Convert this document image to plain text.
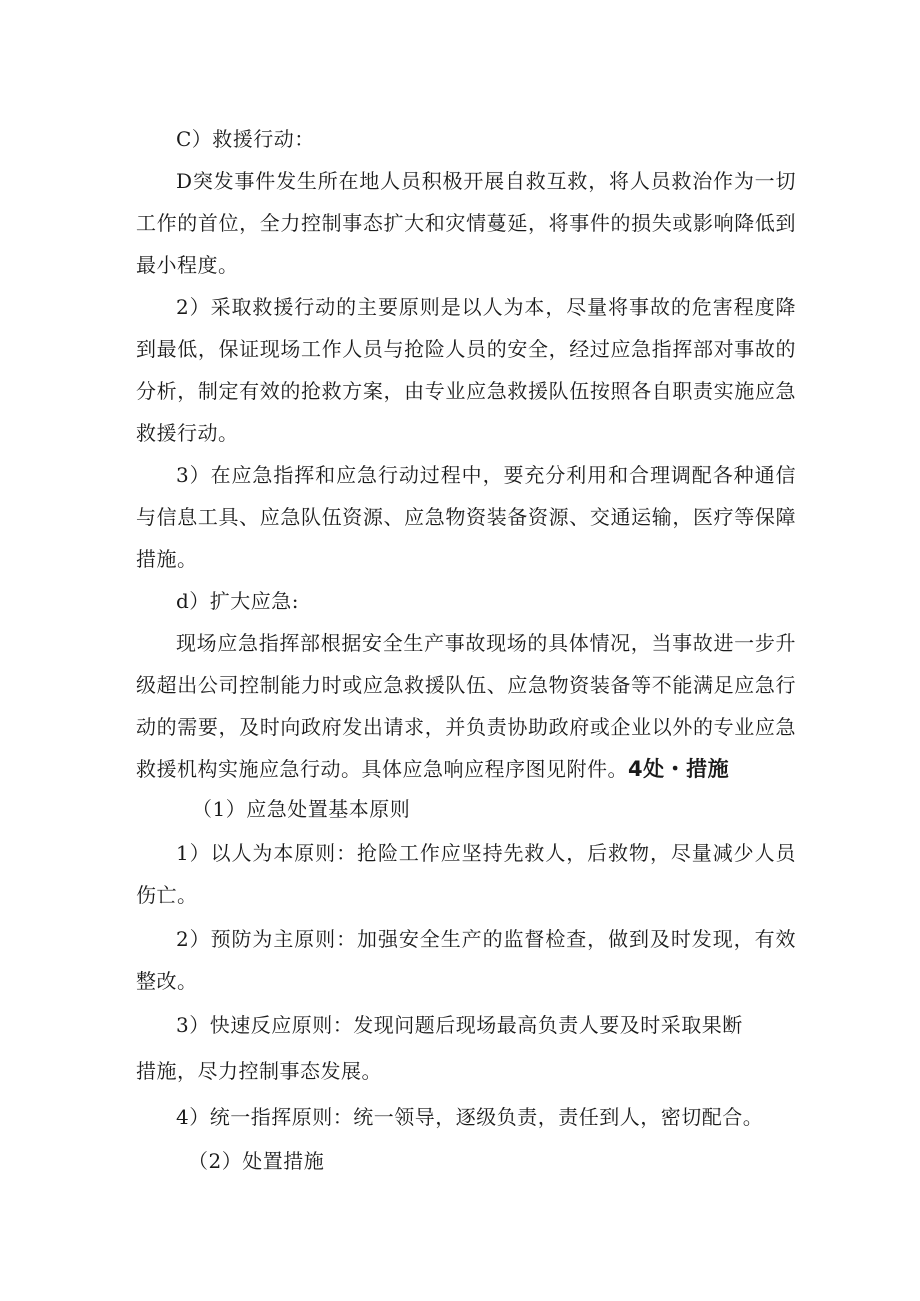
C）救援行动：

D突发事件发生所在地人员积极开展自救互救，将人员救治作为一切工作的首位，全力控制事态扩大和灾情蔓延，将事件的损失或影响降低到最小程度。

2）采取救援行动的主要原则是以人为本，尽量将事故的危害程度降到最低，保证现场工作人员与抢险人员的安全，经过应急指挥部对事故的分析，制定有效的抢救方案，由专业应急救援队伍按照各自职责实施应急救援行动。

3）在应急指挥和应急行动过程中，要充分利用和合理调配各种通信与信息工具、应急队伍资源、应急物资装备资源、交通运输，医疗等保障措施。

d）扩大应急:

现场应急指挥部根据安全生产事故现场的具体情况，当事故进一步升级超出公司控制能力时或应急救援队伍、应急物资装备等不能满足应急行动的需要，及时向政府发出请求，并负责协助政府或企业以外的专业应急救援机构实施应急行动。具体应急响应程序图见附件。4处・措施

（1）应急处置基本原则

1）以人为本原则：抢险工作应坚持先救人，后救物，尽量减少人员伤亡。

2）预防为主原则：加强安全生产的监督检查，做到及时发现，有效整改。

3）快速反应原则：发现问题后现场最高负责人要及时采取果断

措施，尽力控制事态发展。

4）统一指挥原则：统一领导，逐级负责，责任到人，密切配合。

（2）处置措施
